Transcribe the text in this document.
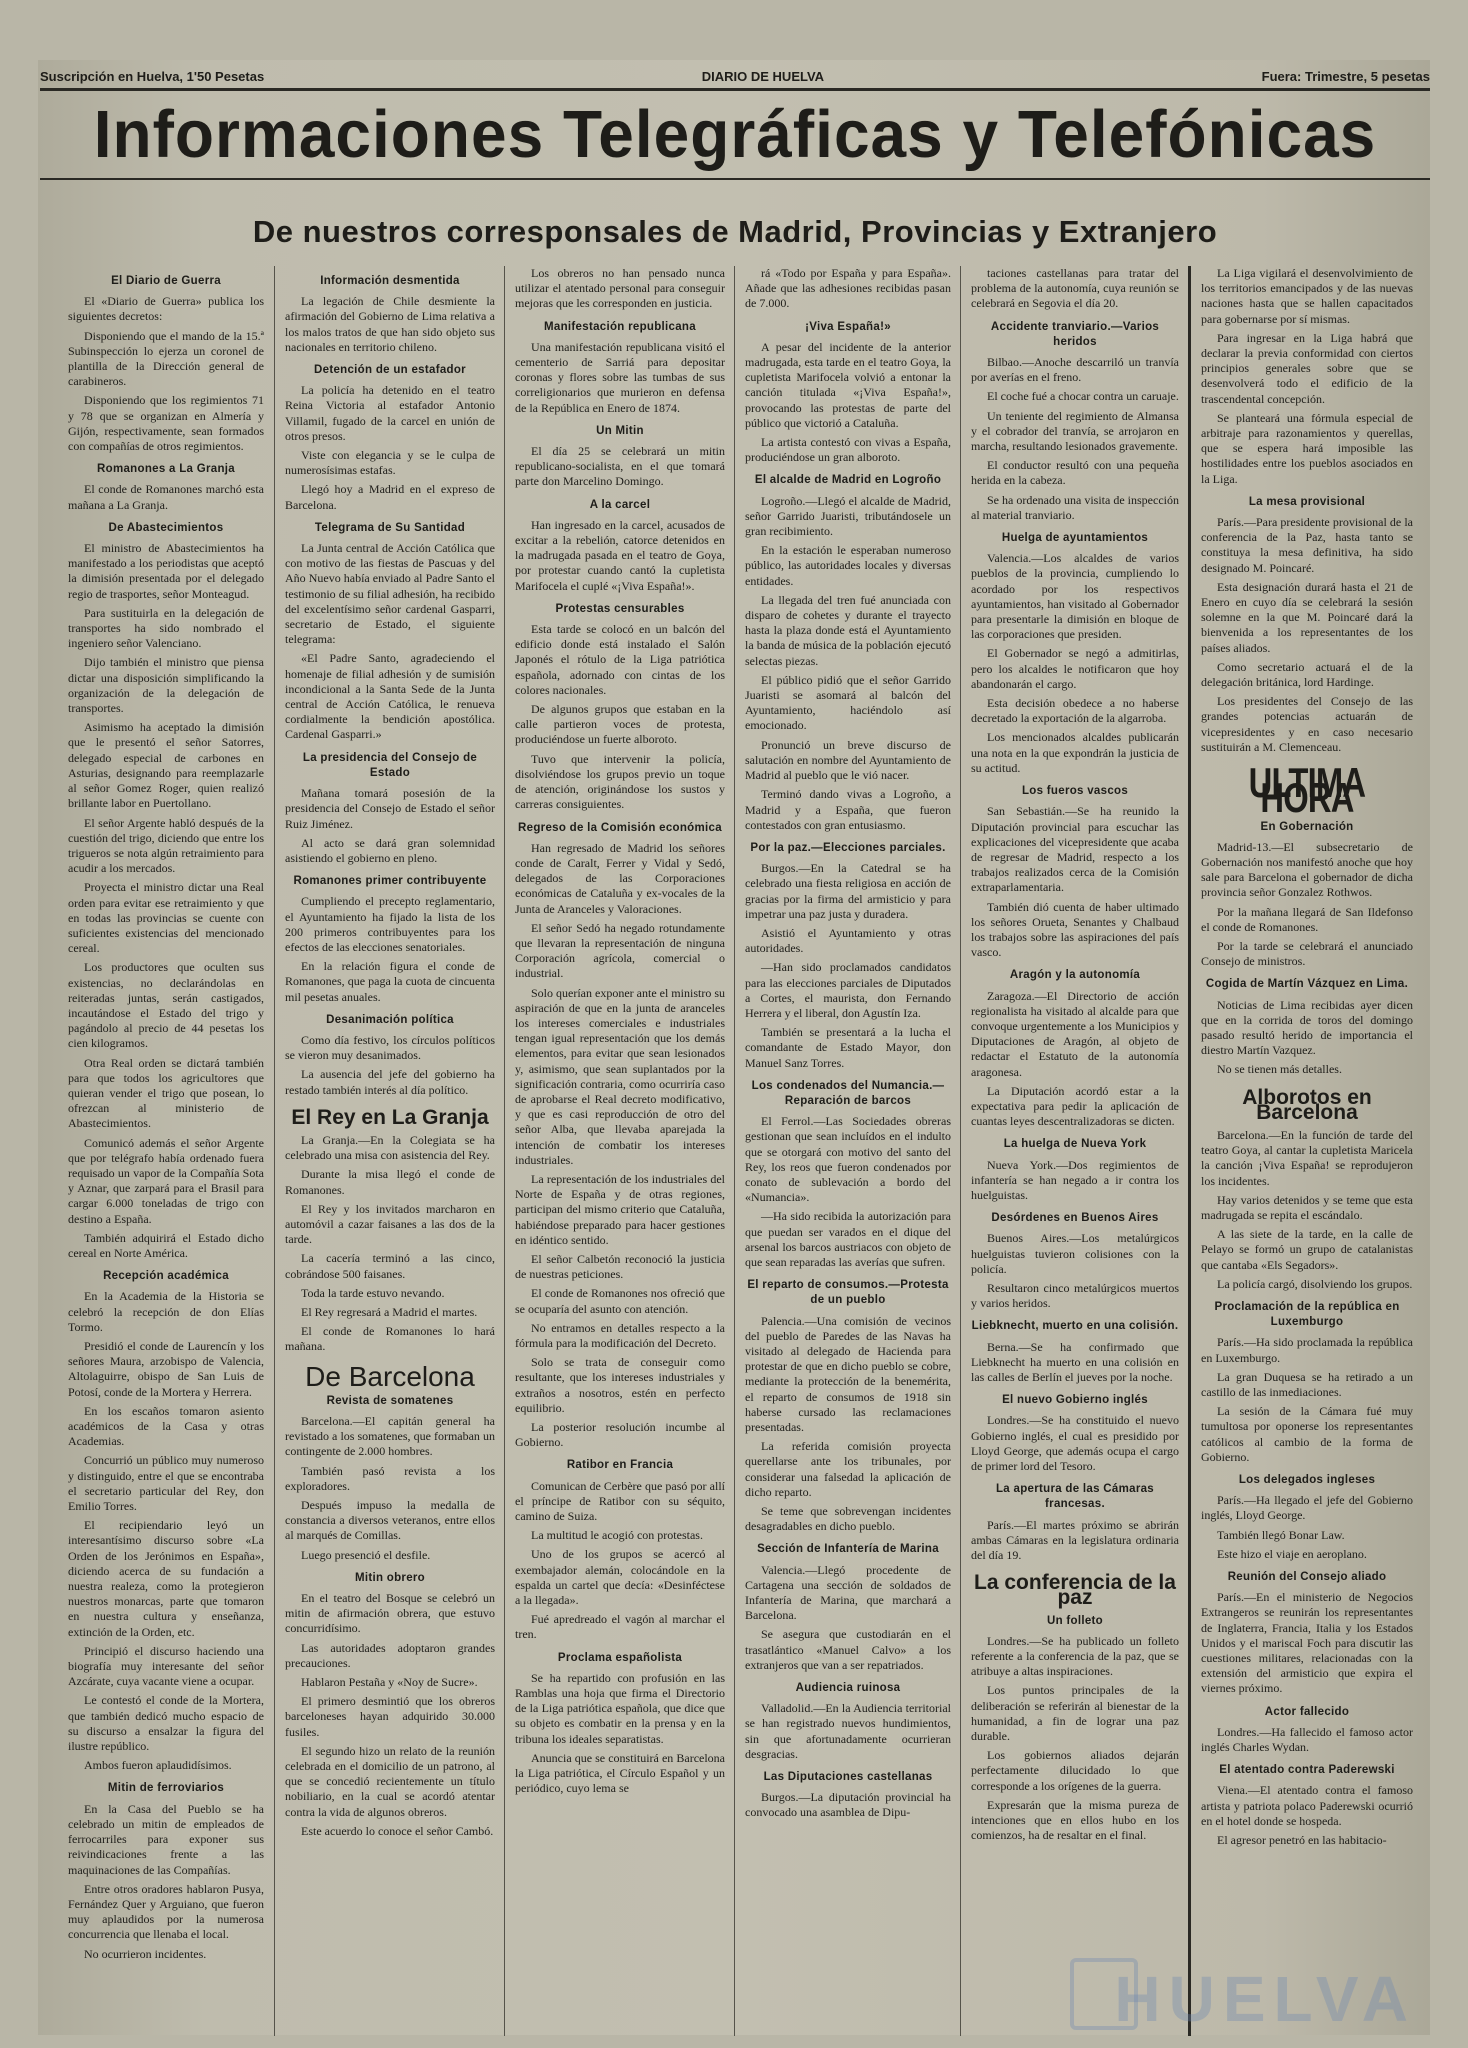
Suscripción en Huelva, 1'50 Pesetas	DIARIO DE HUELVA	Fuera: Trimestre, 5 pesetas
Informaciones Telegráficas y Telefónicas
De nuestros corresponsales de Madrid, Provincias y Extranjero
El Diario de Guerra
El «Diario de Guerra» publica los siguientes decretos:
Disponiendo que el mando de la 15.ª Subinspección lo ejerza un coronel de plantilla de la Dirección general de carabineros.
Disponiendo que los regimientos 71 y 78 que se organizan en Almería y Gijón, respectivamente, sean formados con compañías de otros regimientos.
Romanones a La Granja
El conde de Romanones marchó esta mañana a La Granja.
De Abastecimientos
El ministro de Abastecimientos ha manifestado a los periodistas que aceptó la dimisión presentada por el delegado regio de trasportes, señor Monteagud.
Para sustituirla en la delegación de transportes ha sido nombrado el ingeniero señor Valenciano.
Dijo también el ministro que piensa dictar una disposición simplificando la organización de la delegación de transportes.
Asimismo ha aceptado la dimisión que le presentó el señor Satorres, delegado especial de carbones en Asturias, designando para reemplazarle al señor Gomez Roger, quien realizó brillante labor en Puertollano.
El señor Argente habló después de la cuestión del trigo, diciendo que entre los trigueros se nota algún retraimiento para acudir a los mercados.
Proyecta el ministro dictar una Real orden para evitar ese retraimiento y que en todas las provincias se cuente con suficientes existencias del mencionado cereal.
Los productores que oculten sus existencias, no declarándolas en reiteradas juntas, serán castigados, incautándose el Estado del trigo y pagándolo al precio de 44 pesetas los cien kilogramos.
Otra Real orden se dictará también para que todos los agricultores que quieran vender el trigo que posean, lo ofrezcan al ministerio de Abastecimientos.
Comunicó además el señor Argente que por telégrafo había ordenado fuera requisado un vapor de la Compañía Sota y Aznar, que zarpará para el Brasil para cargar 6.000 toneladas de trigo con destino a España.
También adquirirá el Estado dicho cereal en Norte América.
Recepción académica
En la Academia de la Historia se celebró la recepción de don Elías Tormo.
Presidió el conde de Laurencín y los señores Maura, arzobispo de Valencia, Altolaguirre, obispo de San Luis de Potosí, conde de la Mortera y Herrera.
En los escaños tomaron asiento académicos de la Casa y otras Academias.
Concurrió un público muy numeroso y distinguido, entre el que se encontraba el secretario particular del Rey, don Emilio Torres.
El recipiendario leyó un interesantísimo discurso sobre «La Orden de los Jerónimos en España», diciendo acerca de su fundación a nuestra realeza, como la protegieron nuestros monarcas, parte que tomaron en nuestra cultura y enseñanza, extinción de la Orden, etc.
Principió el discurso haciendo una biografía muy interesante del señor Azcárate, cuya vacante viene a ocupar.
Le contestó el conde de la Mortera, que también dedicó mucho espacio de su discurso a ensalzar la figura del ilustre repúblico.
Ambos fueron aplaudidísimos.
Mitin de ferroviarios
En la Casa del Pueblo se ha celebrado un mitin de empleados de ferrocarriles para exponer sus reivindicaciones frente a las maquinaciones de las Compañías.
Entre otros oradores hablaron Pusya, Fernández Quer y Arguiano, que fueron muy aplaudidos por la numerosa concurrencia que llenaba el local.
No ocurrieron incidentes.
Información desmentida
La legación de Chile desmiente la afirmación del Gobierno de Lima relativa a los malos tratos de que han sido objeto sus nacionales en territorio chileno.
Detención de un estafador
La policía ha detenido en el teatro Reina Victoria al estafador Antonio Villamil, fugado de la carcel en unión de otros presos.
Viste con elegancia y se le culpa de numerosísimas estafas.
Llegó hoy a Madrid en el expreso de Barcelona.
Telegrama de Su Santidad
La Junta central de Acción Católica que con motivo de las fiestas de Pascuas y del Año Nuevo había enviado al Padre Santo el testimonio de su filial adhesión, ha recibido del excelentísimo señor cardenal Gasparri, secretario de Estado, el siguiente telegrama:
«El Padre Santo, agradeciendo el homenaje de filial adhesión y de sumisión incondicional a la Santa Sede de la Junta central de Acción Católica, le renueva cordialmente la bendición apostólica. Cardenal Gasparri.»
La presidencia del Consejo de Estado
Mañana tomará posesión de la presidencia del Consejo de Estado el señor Ruiz Jiménez.
Al acto se dará gran solemnidad asistiendo el gobierno en pleno.
Romanones primer contribuyente
Cumpliendo el precepto reglamentario, el Ayuntamiento ha fijado la lista de los 200 primeros contribuyentes para los efectos de las elecciones senatoriales.
En la relación figura el conde de Romanones, que paga la cuota de cincuenta mil pesetas anuales.
Desanimación política
Como día festivo, los círculos políticos se vieron muy desanimados.
La ausencia del jefe del gobierno ha restado también interés al día político.
El Rey en La Granja
La Granja.—En la Colegiata se ha celebrado una misa con asistencia del Rey.
Durante la misa llegó el conde de Romanones.
El Rey y los invitados marcharon en automóvil a cazar faisanes a las dos de la tarde.
La cacería terminó a las cinco, cobrándose 500 faisanes.
Toda la tarde estuvo nevando.
El Rey regresará a Madrid el martes.
El conde de Romanones lo hará mañana.
De Barcelona
Revista de somatenes
Barcelona.—El capitán general ha revistado a los somatenes, que formaban un contingente de 2.000 hombres.
También pasó revista a los exploradores.
Después impuso la medalla de constancia a diversos veteranos, entre ellos al marqués de Comillas.
Luego presenció el desfile.
Mitin obrero
En el teatro del Bosque se celebró un mitin de afirmación obrera, que estuvo concurridísimo.
Las autoridades adoptaron grandes precauciones.
Hablaron Pestaña y «Noy de Sucre».
El primero desmintió que los obreros barceloneses hayan adquirido 30.000 fusiles.
El segundo hizo un relato de la reunión celebrada en el domicilio de un patrono, al que se concedió recientemente un título nobiliario, en la cual se acordó atentar contra la vida de algunos obreros.
Este acuerdo lo conoce el señor Cambó.
Los obreros no han pensado nunca utilizar el atentado personal para conseguir mejoras que les corresponden en justicia.
Manifestación republicana
Una manifestación republicana visitó el cementerio de Sarriá para depositar coronas y flores sobre las tumbas de sus correligionarios que murieron en defensa de la República en Enero de 1874.
Un Mitin
El día 25 se celebrará un mitin republicano-socialista, en el que tomará parte don Marcelino Domingo.
A la carcel
Han ingresado en la carcel, acusados de excitar a la rebelión, catorce detenidos en la madrugada pasada en el teatro de Goya, por protestar cuando cantó la cupletista Marifocela el cuplé «¡Viva España!».
Protestas censurables
Esta tarde se colocó en un balcón del edificio donde está instalado el Salón Japonés el rótulo de la Liga patriótica española, adornado con cintas de los colores nacionales.
De algunos grupos que estaban en la calle partieron voces de protesta, produciéndose un fuerte alboroto.
Tuvo que intervenir la policía, disolviéndose los grupos previo un toque de atención, originándose los sustos y carreras consiguientes.
Regreso de la Comisión económica
Han regresado de Madrid los señores conde de Caralt, Ferrer y Vidal y Sedó, delegados de las Corporaciones económicas de Cataluña y ex-vocales de la Junta de Aranceles y Valoraciones.
El señor Sedó ha negado rotundamente que llevaran la representación de ninguna Corporación agrícola, comercial o industrial.
Solo querían exponer ante el ministro su aspiración de que en la junta de aranceles los intereses comerciales e industriales tengan igual representación que los demás elementos, para evitar que sean lesionados y, asimismo, que sean suplantados por la significación contraria, como ocurriría caso de aprobarse el Real decreto modificativo, y que es casi reproducción de otro del señor Alba, que llevaba aparejada la intención de combatir los intereses industriales.
La representación de los industriales del Norte de España y de otras regiones, participan del mismo criterio que Cataluña, habiéndose preparado para hacer gestiones en idéntico sentido.
El señor Calbetón reconoció la justicia de nuestras peticiones.
El conde de Romanones nos ofreció que se ocuparía del asunto con atención.
No entramos en detalles respecto a la fórmula para la modificación del Decreto.
Solo se trata de conseguir como resultante, que los intereses industriales y extraños a nosotros, estén en perfecto equilibrio.
La posterior resolución incumbe al Gobierno.
Ratibor en Francia
Comunican de Cerbère que pasó por allí el príncipe de Ratibor con su séquito, camino de Suiza.
La multitud le acogió con protestas.
Uno de los grupos se acercó al exembajador alemán, colocándole en la espalda un cartel que decía: «Desinféctese a la llegada».
Fué apredreado el vagón al marchar el tren.
Proclama españolista
Se ha repartido con profusión en las Ramblas una hoja que firma el Directorio de la Liga patriótica española, que dice que su objeto es combatir en la prensa y en la tribuna los ideales separatistas.
Anuncia que se constituirá en Barcelona la Liga patriótica, el Círculo Español y un periódico, cuyo lema se
rá «Todo por España y para España». Añade que las adhesiones recibidas pasan de 7.000.
¡Viva España!»
A pesar del incidente de la anterior madrugada, esta tarde en el teatro Goya, la cupletista Marifocela volvió a entonar la canción titulada «¡Viva España!», provocando las protestas de parte del público que victorió a Cataluña.
La artista contestó con vivas a España, produciéndose un gran alboroto.
El alcalde de Madrid en Logroño
Logroño.—Llegó el alcalde de Madrid, señor Garrido Juaristi, tributándosele un gran recibimiento.
En la estación le esperaban numeroso público, las autoridades locales y diversas entidades.
La llegada del tren fué anunciada con disparo de cohetes y durante el trayecto hasta la plaza donde está el Ayuntamiento la banda de música de la población ejecutó selectas piezas.
El público pidió que el señor Garrido Juaristi se asomará al balcón del Ayuntamiento, haciéndolo así emocionado.
Pronunció un breve discurso de salutación en nombre del Ayuntamiento de Madrid al pueblo que le vió nacer.
Terminó dando vivas a Logroño, a Madrid y a España, que fueron contestados con gran entusiasmo.
Por la paz.—Elecciones parciales.
Burgos.—En la Catedral se ha celebrado una fiesta religiosa en acción de gracias por la firma del armisticio y para impetrar una paz justa y duradera.
Asistió el Ayuntamiento y otras autoridades.
—Han sido proclamados candidatos para las elecciones parciales de Diputados a Cortes, el maurista, don Fernando Herrera y el liberal, don Agustín Iza.
También se presentará a la lucha el comandante de Estado Mayor, don Manuel Sanz Torres.
Los condenados del Numancia.—Reparación de barcos
El Ferrol.—Las Sociedades obreras gestionan que sean incluídos en el indulto que se otorgará con motivo del santo del Rey, los reos que fueron condenados por conato de sublevación a bordo del «Numancia».
—Ha sido recibida la autorización para que puedan ser varados en el dique del arsenal los barcos austriacos con objeto de que sean reparadas las averías que sufren.
El reparto de consumos.—Protesta de un pueblo
Palencia.—Una comisión de vecinos del pueblo de Paredes de las Navas ha visitado al delegado de Hacienda para protestar de que en dicho pueblo se cobre, mediante la protección de la benemérita, el reparto de consumos de 1918 sin haberse cursado las reclamaciones presentadas.
La referida comisión proyecta querellarse ante los tribunales, por considerar una falsedad la aplicación de dicho reparto.
Se teme que sobrevengan incidentes desagradables en dicho pueblo.
Sección de Infantería de Marina
Valencia.—Llegó procedente de Cartagena una sección de soldados de Infantería de Marina, que marchará a Barcelona.
Se asegura que custodiarán en el trasatlántico «Manuel Calvo» a los extranjeros que van a ser repatriados.
Audiencia ruinosa
Valladolid.—En la Audiencia territorial se han registrado nuevos hundimientos, sin que afortunadamente ocurrieran desgracias.
Las Diputaciones castellanas
Burgos.—La diputación provincial ha convocado una asamblea de Dipu-
taciones castellanas para tratar del problema de la autonomía, cuya reunión se celebrará en Segovia el día 20.
Accidente tranviario.—Varios heridos
Bilbao.—Anoche descarriló un tranvía por averías en el freno.
El coche fué a chocar contra un caruaje.
Un teniente del regimiento de Almansa y el cobrador del tranvía, se arrojaron en marcha, resultando lesionados gravemente.
El conductor resultó con una pequeña herida en la cabeza.
Se ha ordenado una visita de inspección al material tranviario.
Huelga de ayuntamientos
Valencia.—Los alcaldes de varios pueblos de la provincia, cumpliendo lo acordado por los respectivos ayuntamientos, han visitado al Gobernador para presentarle la dimisión en bloque de las corporaciones que presiden.
El Gobernador se negó a admitirlas, pero los alcaldes le notificaron que hoy abandonarán el cargo.
Esta decisión obedece a no haberse decretado la exportación de la algarroba.
Los mencionados alcaldes publicarán una nota en la que expondrán la justicia de su actitud.
Los fueros vascos
San Sebastián.—Se ha reunido la Diputación provincial para escuchar las explicaciones del vicepresidente que acaba de regresar de Madrid, respecto a los trabajos realizados cerca de la Comisión extraparlamentaria.
También dió cuenta de haber ultimado los señores Orueta, Senantes y Chalbaud los trabajos sobre las aspiraciones del país vasco.
Aragón y la autonomía
Zaragoza.—El Directorio de acción regionalista ha visitado al alcalde para que convoque urgentemente a los Municipios y Diputaciones de Aragón, al objeto de redactar el Estatuto de la autonomía aragonesa.
La Diputación acordó estar a la expectativa para pedir la aplicación de cuantas leyes descentralizadoras se dicten.
La huelga de Nueva York
Nueva York.—Dos regimientos de infantería se han negado a ir contra los huelguistas.
Desórdenes en Buenos Aires
Buenos Aires.—Los metalúrgicos huelguistas tuvieron colisiones con la policía.
Resultaron cinco metalúrgicos muertos y varios heridos.
Liebknecht, muerto en una colisión.
Berna.—Se ha confirmado que Liebknecht ha muerto en una colisión en las calles de Berlín el jueves por la noche.
El nuevo Gobierno inglés
Londres.—Se ha constituido el nuevo Gobierno inglés, el cual es presidido por Lloyd George, que además ocupa el cargo de primer lord del Tesoro.
La apertura de las Cámaras francesas.
París.—El martes próximo se abrirán ambas Cámaras en la legislatura ordinaria del día 19.
La conferencia de la paz
Un folleto
Londres.—Se ha publicado un folleto referente a la conferencia de la paz, que se atribuye a altas inspiraciones.
Los puntos principales de la deliberación se referirán al bienestar de la humanidad, a fin de lograr una paz durable.
Los gobiernos aliados dejarán perfectamente dilucidado lo que corresponde a los orígenes de la guerra.
Expresarán que la misma pureza de intenciones que en ellos hubo en los comienzos, ha de resaltar en el final.
La Liga vigilará el desenvolvimiento de los territorios emancipados y de las nuevas naciones hasta que se hallen capacitados para gobernarse por sí mismas.
Para ingresar en la Liga habrá que declarar la previa conformidad con ciertos principios generales sobre que se desenvolverá todo el edificio de la trascendental concepción.
Se planteará una fórmula especial de arbitraje para razonamientos y querellas, que se espera hará imposible las hostilidades entre los pueblos asociados en la Liga.
La mesa provisional
París.—Para presidente provisional de la conferencia de la Paz, hasta tanto se constituya la mesa definitiva, ha sido designado M. Poincaré.
Esta designación durará hasta el 21 de Enero en cuyo día se celebrará la sesión solemne en la que M. Poincaré dará la bienvenida a los representantes de los países aliados.
Como secretario actuará el de la delegación británica, lord Hardinge.
Los presidentes del Consejo de las grandes potencias actuarán de vicepresidentes y en caso necesario sustituirán a M. Clemenceau.
ULTIMA HORA
En Gobernación
Madrid-13.—El subsecretario de Gobernación nos manifestó anoche que hoy sale para Barcelona el gobernador de dicha provincia señor Gonzalez Rothwos.
Por la mañana llegará de San Ildefonso el conde de Romanones.
Por la tarde se celebrará el anunciado Consejo de ministros.
Cogida de Martín Vázquez en Lima.
Noticias de Lima recibidas ayer dicen que en la corrida de toros del domingo pasado resultó herido de importancia el diestro Martín Vazquez.
No se tienen más detalles.
Alborotos en Barcelona
Barcelona.—En la función de tarde del teatro Goya, al cantar la cupletista Maricela la canción ¡Viva España! se reprodujeron los incidentes.
Hay varios detenidos y se teme que esta madrugada se repita el escándalo.
A las siete de la tarde, en la calle de Pelayo se formó un grupo de catalanistas que cantaba «Els Segadors».
La policía cargó, disolviendo los grupos.
Proclamación de la república en Luxemburgo
París.—Ha sido proclamada la república en Luxemburgo.
La gran Duquesa se ha retirado a un castillo de las inmediaciones.
La sesión de la Cámara fué muy tumultosa por oponerse los representantes católicos al cambio de la forma de Gobierno.
Los delegados ingleses
París.—Ha llegado el jefe del Gobierno inglés, Lloyd George.
También llegó Bonar Law.
Este hizo el viaje en aeroplano.
Reunión del Consejo aliado
París.—En el ministerio de Negocios Extrangeros se reunirán los representantes de Inglaterra, Francia, Italia y los Estados Unidos y el mariscal Foch para discutir las cuestiones militares, relacionadas con la extensión del armisticio que expira el viernes próximo.
Actor fallecido
Londres.—Ha fallecido el famoso actor inglés Charles Wydan.
El atentado contra Paderewski
Viena.—El atentado contra el famoso artista y patriota polaco Paderewski ocurrió en el hotel donde se hospeda.
El agresor penetró en las habitacio-
HUELVA
